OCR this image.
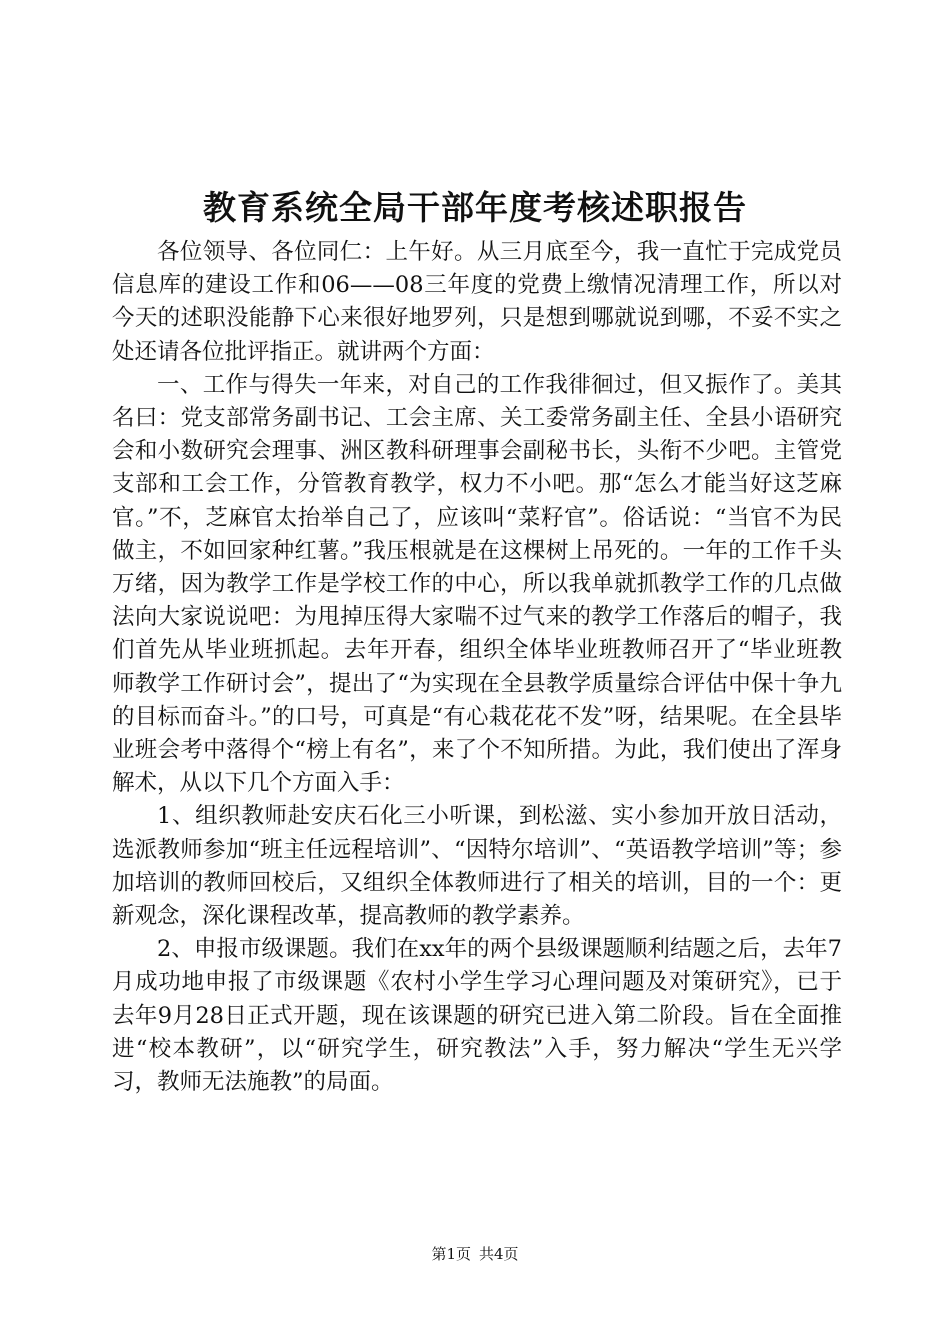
教育系统全局干部年度考核述职报告

各位领导、各位同仁：上午好。从三月底至今，我一直忙于完成党员信息库的建设工作和06——08三年度的党费上缴情况清理工作，所以对今天的述职没能静下心来很好地罗列，只是想到哪就说到哪，不妥不实之处还请各位批评指正。就讲两个方面：

一、工作与得失一年来，对自己的工作我徘徊过，但又振作了。美其名曰：党支部常务副书记、工会主席、关工委常务副主任、全县小语研究会和小数研究会理事、洲区教科研理事会副秘书长，头衔不少吧。主管党支部和工会工作，分管教育教学，权力不小吧。那“怎么才能当好这芝麻官。”不，芝麻官太抬举自己了，应该叫“菜籽官”。俗话说：“当官不为民做主，不如回家种红薯。”我压根就是在这棵树上吊死的。一年的工作千头万绪，因为教学工作是学校工作的中心，所以我单就抓教学工作的几点做法向大家说说吧：为甩掉压得大家喘不过气来的教学工作落后的帽子，我们首先从毕业班抓起。去年开春，组织全体毕业班教师召开了“毕业班教师教学工作研讨会”，提出了“为实现在全县教学质量综合评估中保十争九的目标而奋斗。”的口号，可真是“有心栽花花不发”呀，结果呢。在全县毕业班会考中落得个“榜上有名”，来了个不知所措。为此，我们使出了浑身解术，从以下几个方面入手：

1、组织教师赴安庆石化三小听课，到松滋、实小参加开放日活动，选派教师参加“班主任远程培训”、“因特尔培训”、“英语教学培训”等；参加培训的教师回校后，又组织全体教师进行了相关的培训，目的一个：更新观念，深化课程改革，提高教师的教学素养。

2、申报市级课题。我们在xx年的两个县级课题顺利结题之后，去年7月成功地申报了市级课题《农村小学生学习心理问题及对策研究》，已于去年9月28日正式开题，现在该课题的研究已进入第二阶段。旨在全面推进“校本教研”，以“研究学生，研究教法”入手，努力解决“学生无兴学习，教师无法施教”的局面。

第1页 共4页
